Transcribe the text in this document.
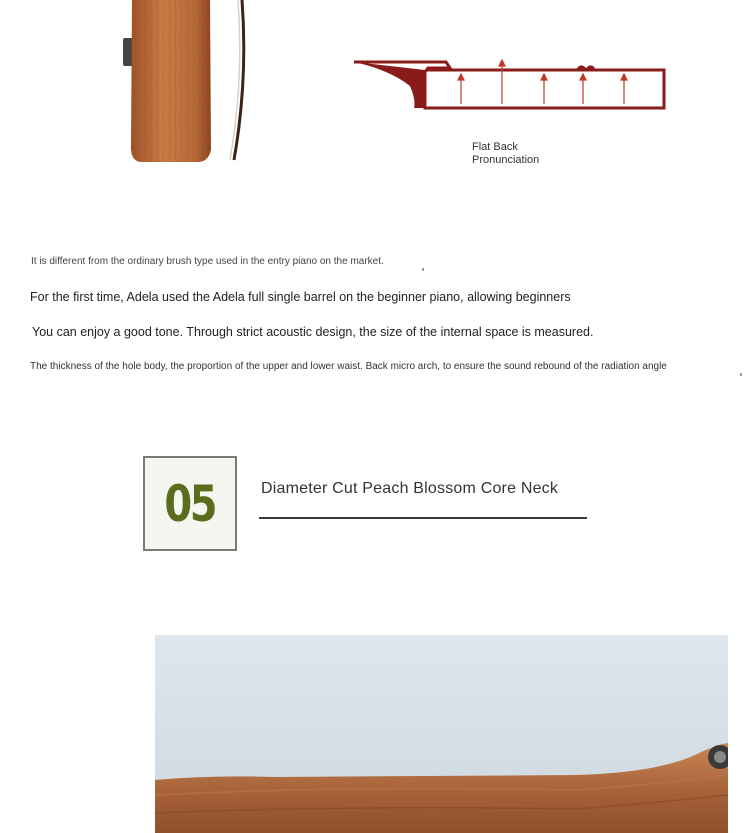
Flat Back
Pronunciation
It is different from the ordinary brush type used in the entry piano on the market.
For the first time, Adela used the Adela full single barrel on the beginner piano, allowing beginners
You can enjoy a good tone. Through strict acoustic design, the size of the internal space is measured.
The thickness of the hole body, the proportion of the upper and lower waist. Back micro arch, to ensure the sound rebound of the radiation angle
05	Diameter Cut Peach Blossom Core Neck
